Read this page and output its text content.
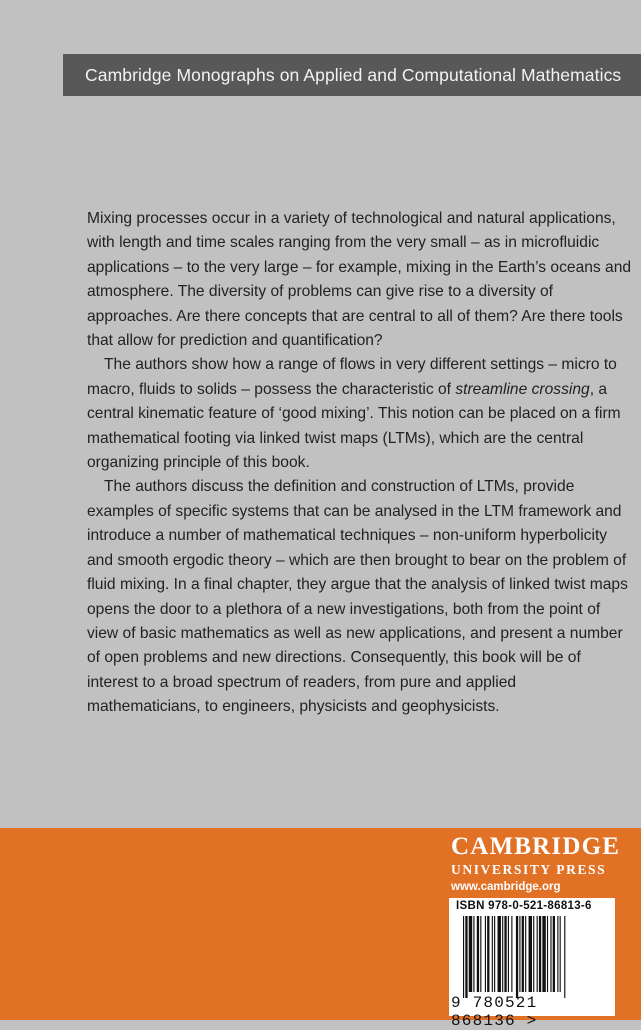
Cambridge Monographs on Applied and Computational Mathematics

Mixing processes occur in a variety of technological and natural applications, with length and time scales ranging from the very small – as in microfluidic applications – to the very large – for example, mixing in the Earth’s oceans and atmosphere. The diversity of problems can give rise to a diversity of approaches. Are there concepts that are central to all of them? Are there tools that allow for prediction and quantification?

The authors show how a range of flows in very different settings – micro to macro, fluids to solids – possess the characteristic of streamline crossing, a central kinematic feature of ‘good mixing’. This notion can be placed on a firm mathematical footing via linked twist maps (LTMs), which are the central organizing principle of this book.

The authors discuss the definition and construction of LTMs, provide examples of specific systems that can be analysed in the LTM framework and introduce a number of mathematical techniques – non-uniform hyperbolicity and smooth ergodic theory – which are then brought to bear on the problem of fluid mixing. In a final chapter, they argue that the analysis of linked twist maps opens the door to a plethora of a new investigations, both from the point of view of basic mathematics as well as new applications, and present a number of open problems and new directions. Consequently, this book will be of interest to a broad spectrum of readers, from pure and applied mathematicians, to engineers, physicists and geophysicists.

CAMBRIDGE
UNIVERSITY PRESS
www.cambridge.org
ISBN 978-0-521-86813-6
9 780521 868136 >
